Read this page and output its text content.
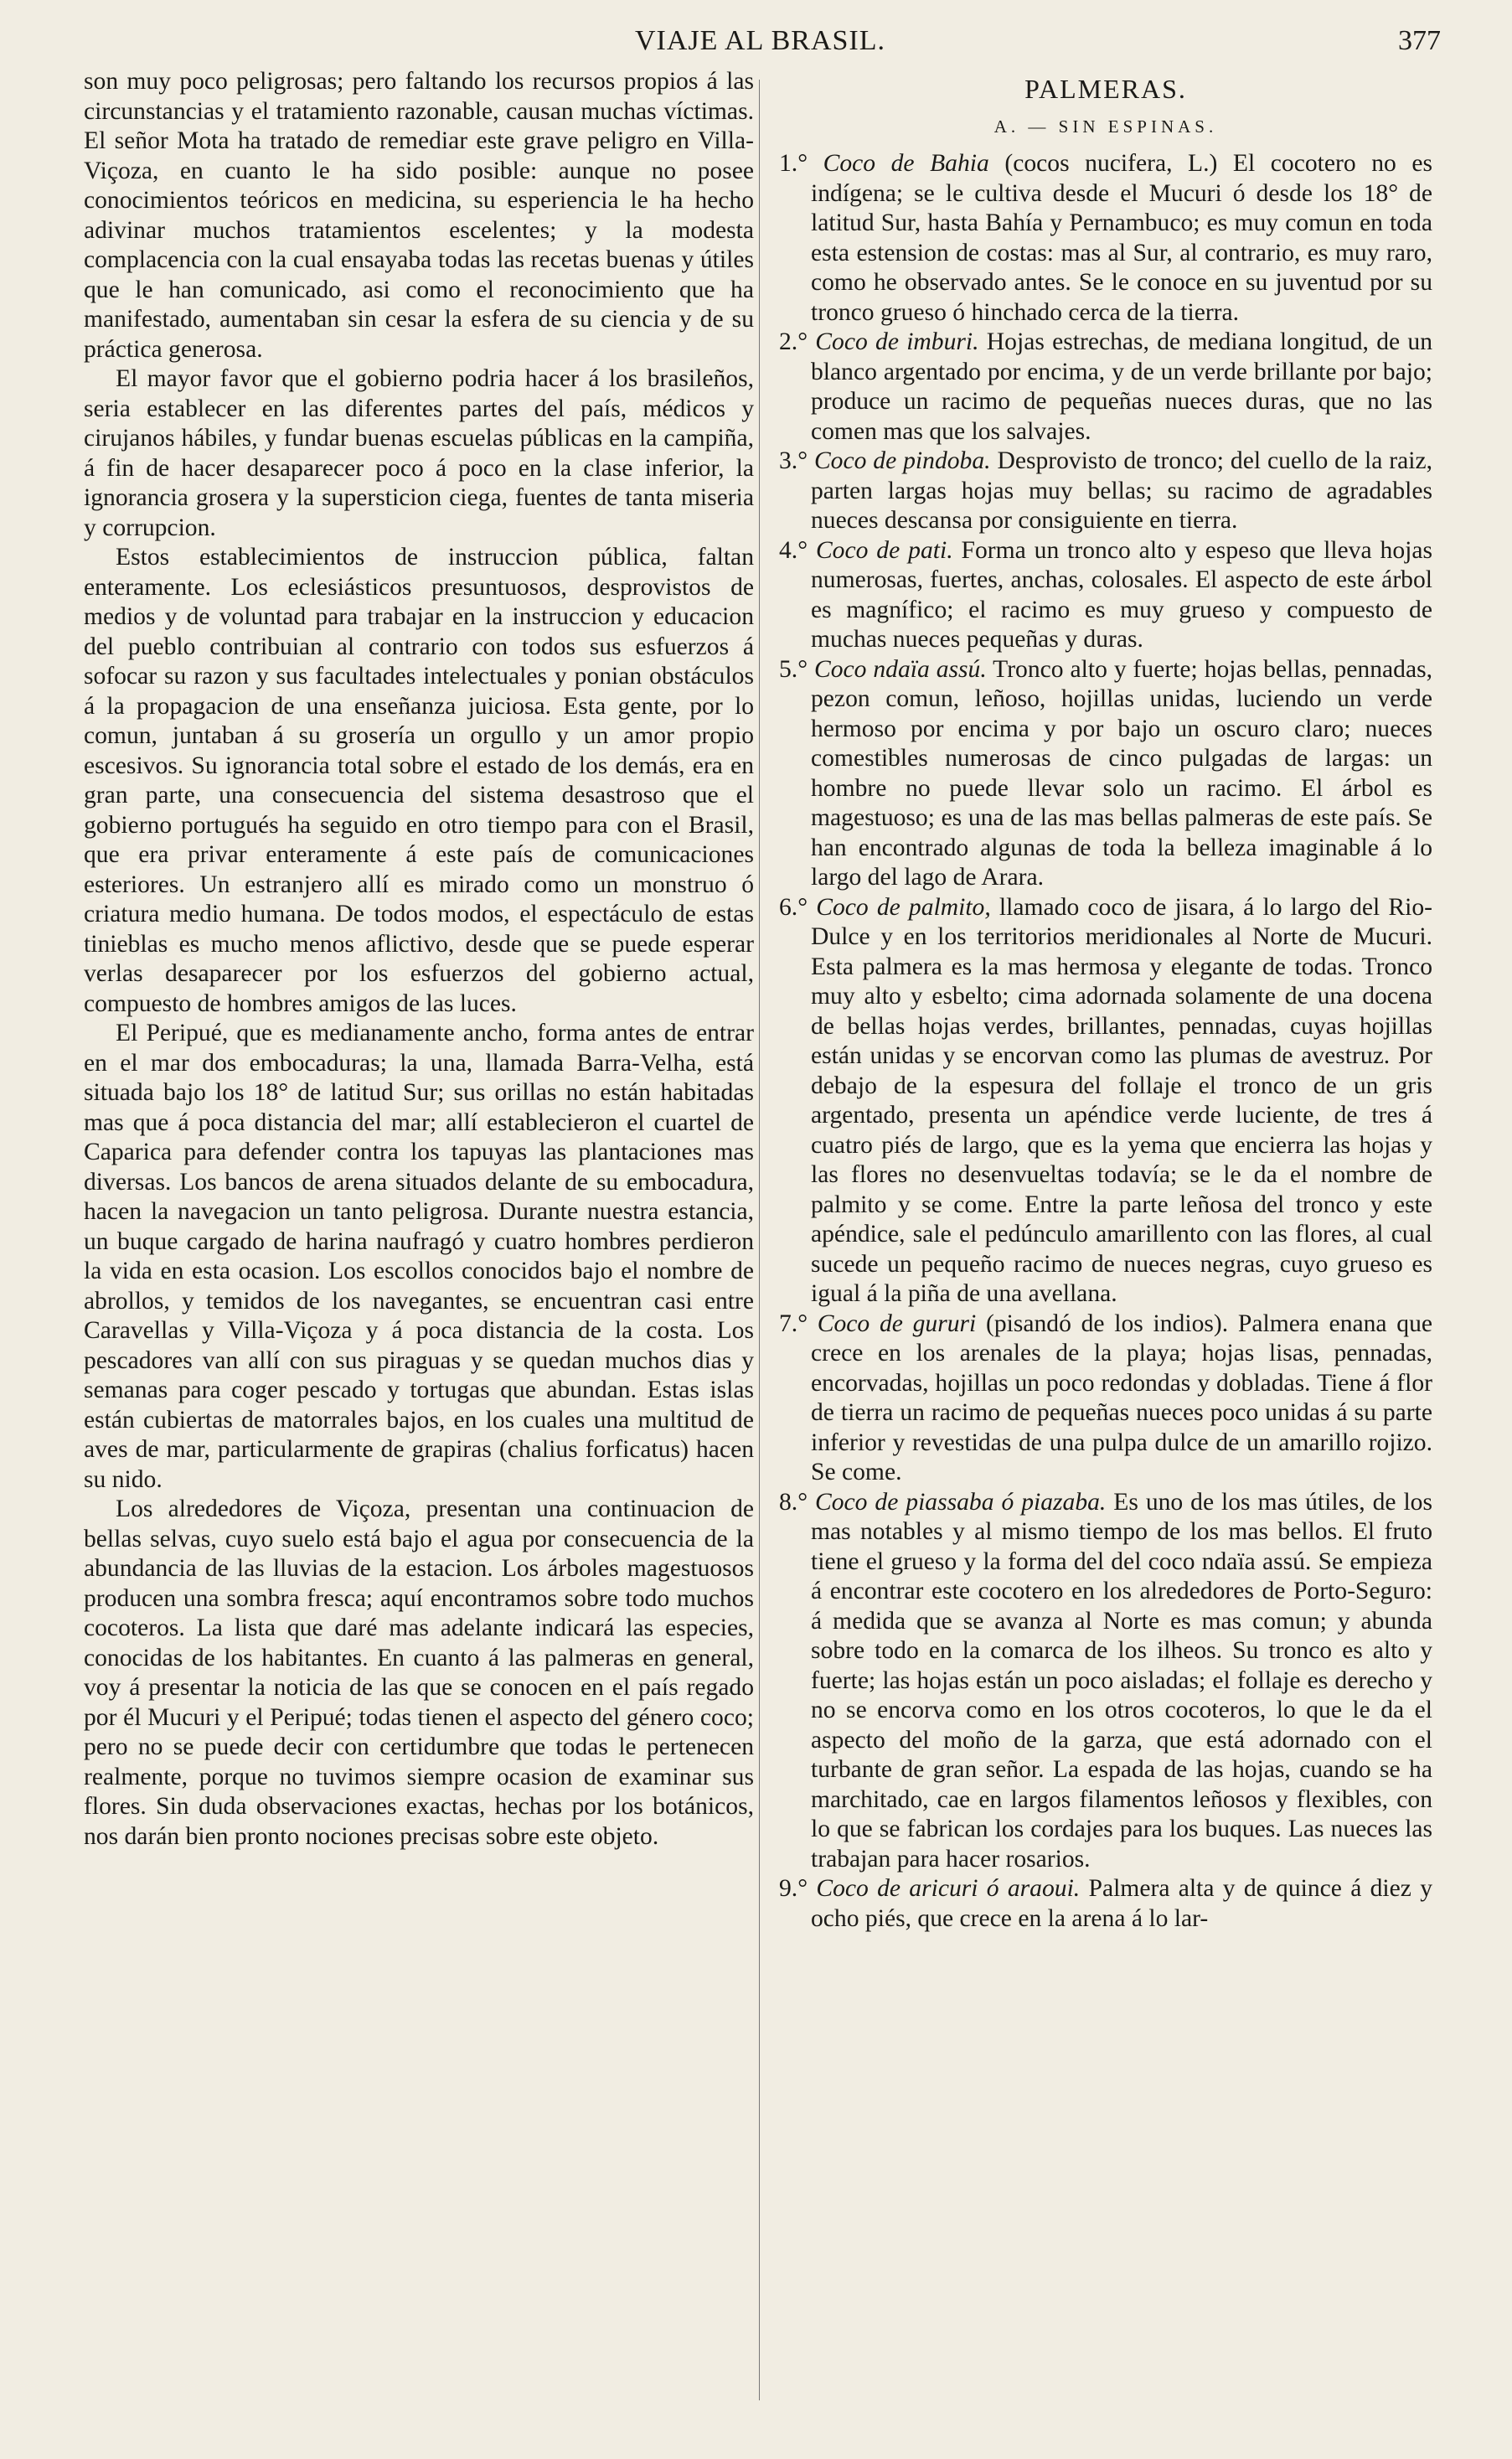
VIAJE AL BRASIL.	377

son muy poco peligrosas; pero faltando los recursos propios á las circunstancias y el tratamiento razonable, causan muchas víctimas. El señor Mota ha tratado de remediar este grave peligro en Villa-Viçoza, en cuanto le ha sido posible: aunque no posee conocimientos teóricos en medicina, su esperiencia le ha hecho adivinar muchos tratamientos escelentes; y la modesta complacencia con la cual ensayaba todas las recetas buenas y útiles que le han comunicado, asi como el reconocimiento que ha manifestado, aumentaban sin cesar la esfera de su ciencia y de su práctica generosa.

El mayor favor que el gobierno podria hacer á los brasileños, seria establecer en las diferentes partes del país, médicos y cirujanos hábiles, y fundar buenas escuelas públicas en la campiña, á fin de hacer desaparecer poco á poco en la clase inferior, la ignorancia grosera y la supersticion ciega, fuentes de tanta miseria y corrupcion.

Estos establecimientos de instruccion pública, faltan enteramente. Los eclesiásticos presuntuosos, desprovistos de medios y de voluntad para trabajar en la instruccion y educacion del pueblo contribuian al contrario con todos sus esfuerzos á sofocar su razon y sus facultades intelectuales y ponian obstáculos á la propagacion de una enseñanza juiciosa. Esta gente, por lo comun, juntaban á su grosería un orgullo y un amor propio escesivos. Su ignorancia total sobre el estado de los demás, era en gran parte, una consecuencia del sistema desastroso que el gobierno portugués ha seguido en otro tiempo para con el Brasil, que era privar enteramente á este país de comunicaciones esteriores. Un estranjero allí es mirado como un monstruo ó criatura medio humana. De todos modos, el espectáculo de estas tinieblas es mucho menos aflictivo, desde que se puede esperar verlas desaparecer por los esfuerzos del gobierno actual, compuesto de hombres amigos de las luces.

El Peripué, que es medianamente ancho, forma antes de entrar en el mar dos embocaduras; la una, llamada Barra-Velha, está situada bajo los 18° de latitud Sur; sus orillas no están habitadas mas que á poca distancia del mar; allí establecieron el cuartel de Caparica para defender contra los tapuyas las plantaciones mas diversas. Los bancos de arena situados delante de su embocadura, hacen la navegacion un tanto peligrosa. Durante nuestra estancia, un buque cargado de harina naufragó y cuatro hombres perdieron la vida en esta ocasion. Los escollos conocidos bajo el nombre de abrollos, y temidos de los navegantes, se encuentran casi entre Caravellas y Villa-Viçoza y á poca distancia de la costa. Los pescadores van allí con sus piraguas y se quedan muchos dias y semanas para coger pescado y tortugas que abundan. Estas islas están cubiertas de matorrales bajos, en los cuales una multitud de aves de mar, particularmente de grapiras (chalius forficatus) hacen su nido.

Los alrededores de Viçoza, presentan una continuacion de bellas selvas, cuyo suelo está bajo el agua por consecuencia de la abundancia de las lluvias de la estacion. Los árboles magestuosos producen una sombra fresca; aquí encontramos sobre todo muchos cocoteros. La lista que daré mas adelante indicará las especies, conocidas de los habitantes. En cuanto á las palmeras en general, voy á presentar la noticia de las que se conocen en el país regado por él Mucuri y el Peripué; todas tienen el aspecto del género coco; pero no se puede decir con certidumbre que todas le pertenecen realmente, porque no tuvimos siempre ocasion de examinar sus flores. Sin duda observaciones exactas, hechas por los botánicos, nos darán bien pronto nociones precisas sobre este objeto.

PALMERAS.
A. — SIN ESPINAS.

1.° Coco de Bahia (cocos nucifera, L.) El cocotero no es indígena; se le cultiva desde el Mucuri ó desde los 18° de latitud Sur, hasta Bahía y Pernambuco; es muy comun en toda esta estension de costas: mas al Sur, al contrario, es muy raro, como he observado antes. Se le conoce en su juventud por su tronco grueso ó hinchado cerca de la tierra.

2.° Coco de imburi. Hojas estrechas, de mediana longitud, de un blanco argentado por encima, y de un verde brillante por bajo; produce un racimo de pequeñas nueces duras, que no las comen mas que los salvajes.

3.° Coco de pindoba. Desprovisto de tronco; del cuello de la raiz, parten largas hojas muy bellas; su racimo de agradables nueces descansa por consiguiente en tierra.

4.° Coco de pati. Forma un tronco alto y espeso que lleva hojas numerosas, fuertes, anchas, colosales. El aspecto de este árbol es magnífico; el racimo es muy grueso y compuesto de muchas nueces pequeñas y duras.

5.° Coco ndaïa assú. Tronco alto y fuerte; hojas bellas, pennadas, pezon comun, leñoso, hojillas unidas, luciendo un verde hermoso por encima y por bajo un oscuro claro; nueces comestibles numerosas de cinco pulgadas de largas: un hombre no puede llevar solo un racimo. El árbol es magestuoso; es una de las mas bellas palmeras de este país. Se han encontrado algunas de toda la belleza imaginable á lo largo del lago de Arara.

6.° Coco de palmito, llamado coco de jisara, á lo largo del Rio-Dulce y en los territorios meridionales al Norte de Mucuri. Esta palmera es la mas hermosa y elegante de todas. Tronco muy alto y esbelto; cima adornada solamente de una docena de bellas hojas verdes, brillantes, pennadas, cuyas hojillas están unidas y se encorvan como las plumas de avestruz. Por debajo de la espesura del follaje el tronco de un gris argentado, presenta un apéndice verde luciente, de tres á cuatro piés de largo, que es la yema que encierra las hojas y las flores no desenvueltas todavía; se le da el nombre de palmito y se come. Entre la parte leñosa del tronco y este apéndice, sale el pedúnculo amarillento con las flores, al cual sucede un pequeño racimo de nueces negras, cuyo grueso es igual á la piña de una avellana.

7.° Coco de gururi (pisandó de los indios). Palmera enana que crece en los arenales de la playa; hojas lisas, pennadas, encorvadas, hojillas un poco redondas y dobladas. Tiene á flor de tierra un racimo de pequeñas nueces poco unidas á su parte inferior y revestidas de una pulpa dulce de un amarillo rojizo. Se come.

8.° Coco de piassaba ó piazaba. Es uno de los mas útiles, de los mas notables y al mismo tiempo de los mas bellos. El fruto tiene el grueso y la forma del del coco ndaïa assú. Se empieza á encontrar este cocotero en los alrededores de Porto-Seguro: á medida que se avanza al Norte es mas comun; y abunda sobre todo en la comarca de los ilheos. Su tronco es alto y fuerte; las hojas están un poco aisladas; el follaje es derecho y no se encorva como en los otros cocoteros, lo que le da el aspecto del moño de la garza, que está adornado con el turbante de gran señor. La espada de las hojas, cuando se ha marchitado, cae en largos filamentos leñosos y flexibles, con lo que se fabrican los cordajes para los buques. Las nueces las trabajan para hacer rosarios.

9.° Coco de aricuri ó araoui. Palmera alta y de quince á diez y ocho piés, que crece en la arena á lo lar-
